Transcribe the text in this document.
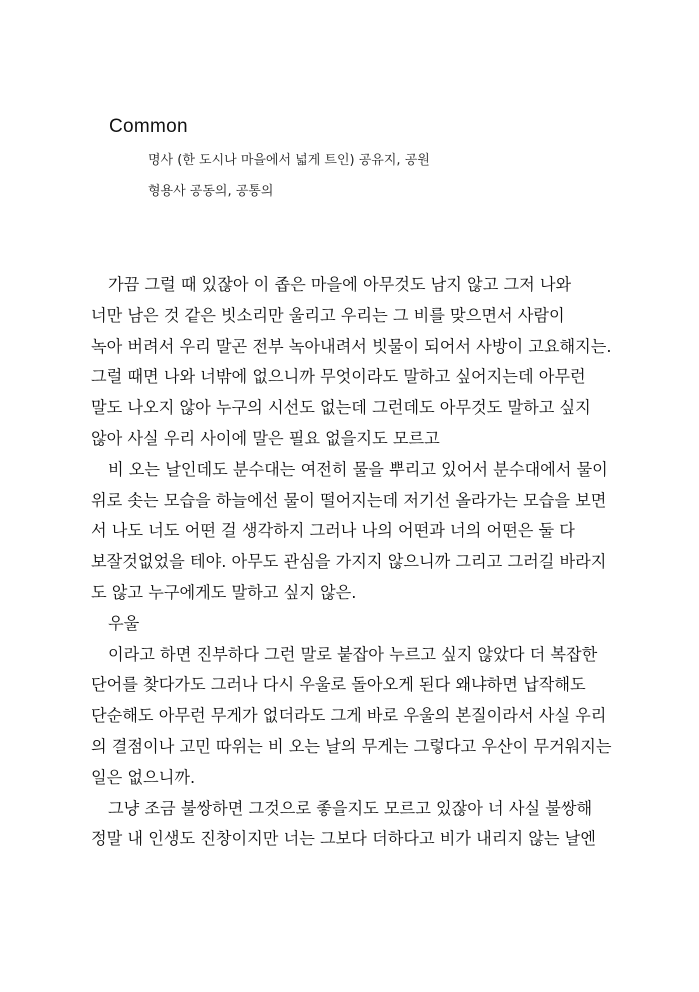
Common
명사 (한 도시나 마을에서 넓게 트인) 공유지, 공원
형용사 공동의, 공통의
가끔 그럴 때 있잖아 이 좁은 마을에 아무것도 남지 않고 그저 나와
너만 남은 것 같은 빗소리만 울리고 우리는 그 비를 맞으면서 사람이
녹아 버려서 우리 말곤 전부 녹아내려서 빗물이 되어서 사방이 고요해지는.
그럴 때면 나와 너밖에 없으니까 무엇이라도 말하고 싶어지는데 아무런
말도 나오지 않아 누구의 시선도 없는데 그런데도 아무것도 말하고 싶지
않아 사실 우리 사이에 말은 필요 없을지도 모르고
비 오는 날인데도 분수대는 여전히 물을 뿌리고 있어서 분수대에서 물이
위로 솟는 모습을 하늘에선 물이 떨어지는데 저기선 올라가는 모습을 보면
서 나도 너도 어떤 걸 생각하지 그러나 나의 어떤과 너의 어떤은 둘 다
보잘것없었을 테야. 아무도 관심을 가지지 않으니까 그리고 그러길 바라지
도 않고 누구에게도 말하고 싶지 않은.
우울
이라고 하면 진부하다 그런 말로 붙잡아 누르고 싶지 않았다 더 복잡한
단어를 찾다가도 그러나 다시 우울로 돌아오게 된다 왜냐하면 납작해도
단순해도 아무런 무게가 없더라도 그게 바로 우울의 본질이라서 사실 우리
의 결점이나 고민 따위는 비 오는 날의 무게는 그렇다고 우산이 무거워지는
일은 없으니까.
그냥 조금 불쌍하면 그것으로 좋을지도 모르고 있잖아 너 사실 불쌍해
정말 내 인생도 진창이지만 너는 그보다 더하다고 비가 내리지 않는 날엔
